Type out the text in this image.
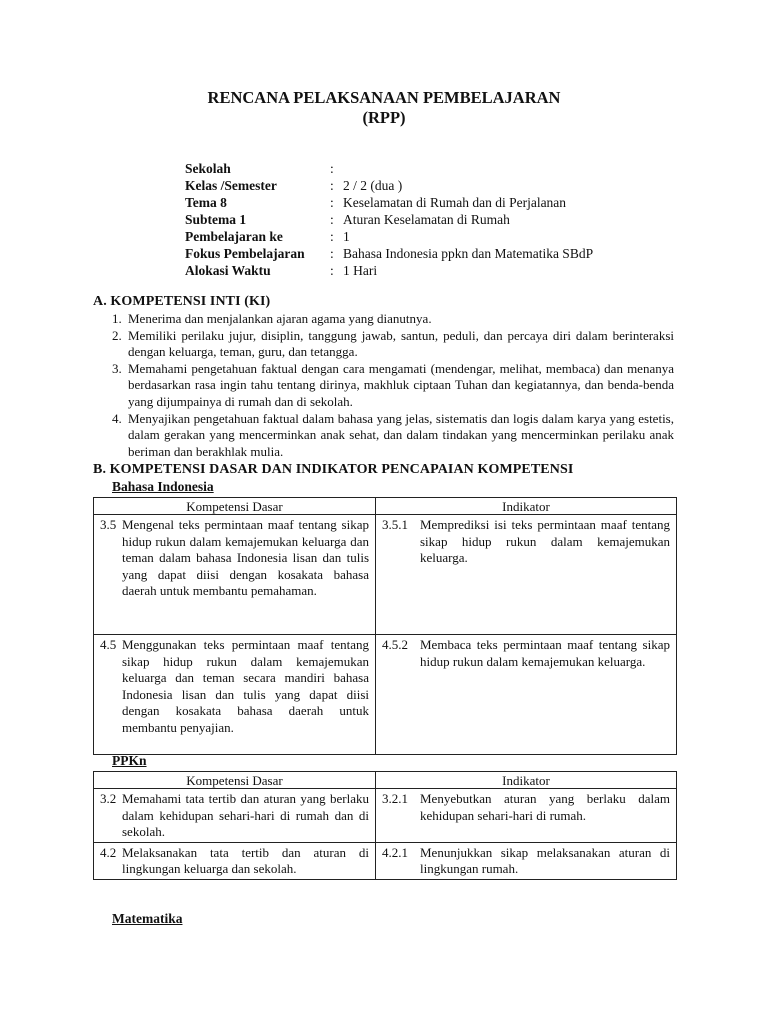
RENCANA PELAKSANAAN PEMBELAJARAN
(RPP)
Sekolah	:
Kelas /Semester	: 2 / 2 (dua )
Tema 8	: Keselamatan di Rumah dan di Perjalanan
Subtema 1	: Aturan Keselamatan di Rumah
Pembelajaran ke	: 1
Fokus Pembelajaran : Bahasa Indonesia ppkn dan Matematika SBdP
Alokasi Waktu	: 1 Hari
A. KOMPETENSI INTI (KI)
1. Menerima dan menjalankan ajaran agama yang dianutnya.
2. Memiliki perilaku jujur, disiplin, tanggung jawab, santun, peduli, dan percaya diri dalam berinteraksi dengan keluarga, teman, guru, dan tetangga.
3. Memahami pengetahuan faktual dengan cara mengamati (mendengar, melihat, membaca) dan menanya berdasarkan rasa ingin tahu tentang dirinya, makhluk ciptaan Tuhan dan kegiatannya, dan benda-benda yang dijumpainya di rumah dan di sekolah.
4. Menyajikan pengetahuan faktual dalam bahasa yang jelas, sistematis dan logis dalam karya yang estetis, dalam gerakan yang mencerminkan anak sehat, dan dalam tindakan yang mencerminkan perilaku anak beriman dan berakhlak mulia.
B. KOMPETENSI DASAR DAN INDIKATOR PENCAPAIAN KOMPETENSI
Bahasa Indonesia
Kompetensi Dasar	Indikator

3.5 Mengenal teks permintaan maaf tentang sikap hidup rukun dalam kemajemukan keluarga dan teman dalam bahasa Indonesia lisan dan tulis yang dapat diisi dengan kosakata bahasa daerah untuk membantu pemahaman.	3.5.1 Memprediksi isi teks permintaan maaf tentang sikap hidup rukun dalam kemajemukan keluarga.

4.5 Menggunakan teks permintaan maaf tentang sikap hidup rukun dalam kemajemukan keluarga dan teman secara mandiri bahasa Indonesia lisan dan tulis yang dapat diisi dengan kosakata bahasa daerah untuk membantu penyajian.	4.5.2 Membaca teks permintaan maaf tentang sikap hidup rukun dalam kemajemukan keluarga.
PPKn
Kompetensi Dasar	Indikator

3.2 Memahami tata tertib dan aturan yang berlaku dalam kehidupan sehari-hari di rumah dan di sekolah.	3.2.1 Menyebutkan aturan yang berlaku dalam kehidupan sehari-hari di rumah.

4.2 Melaksanakan tata tertib dan aturan di lingkungan keluarga dan sekolah.	4.2.1 Menunjukkan sikap melaksanakan aturan di lingkungan rumah.
Matematika
